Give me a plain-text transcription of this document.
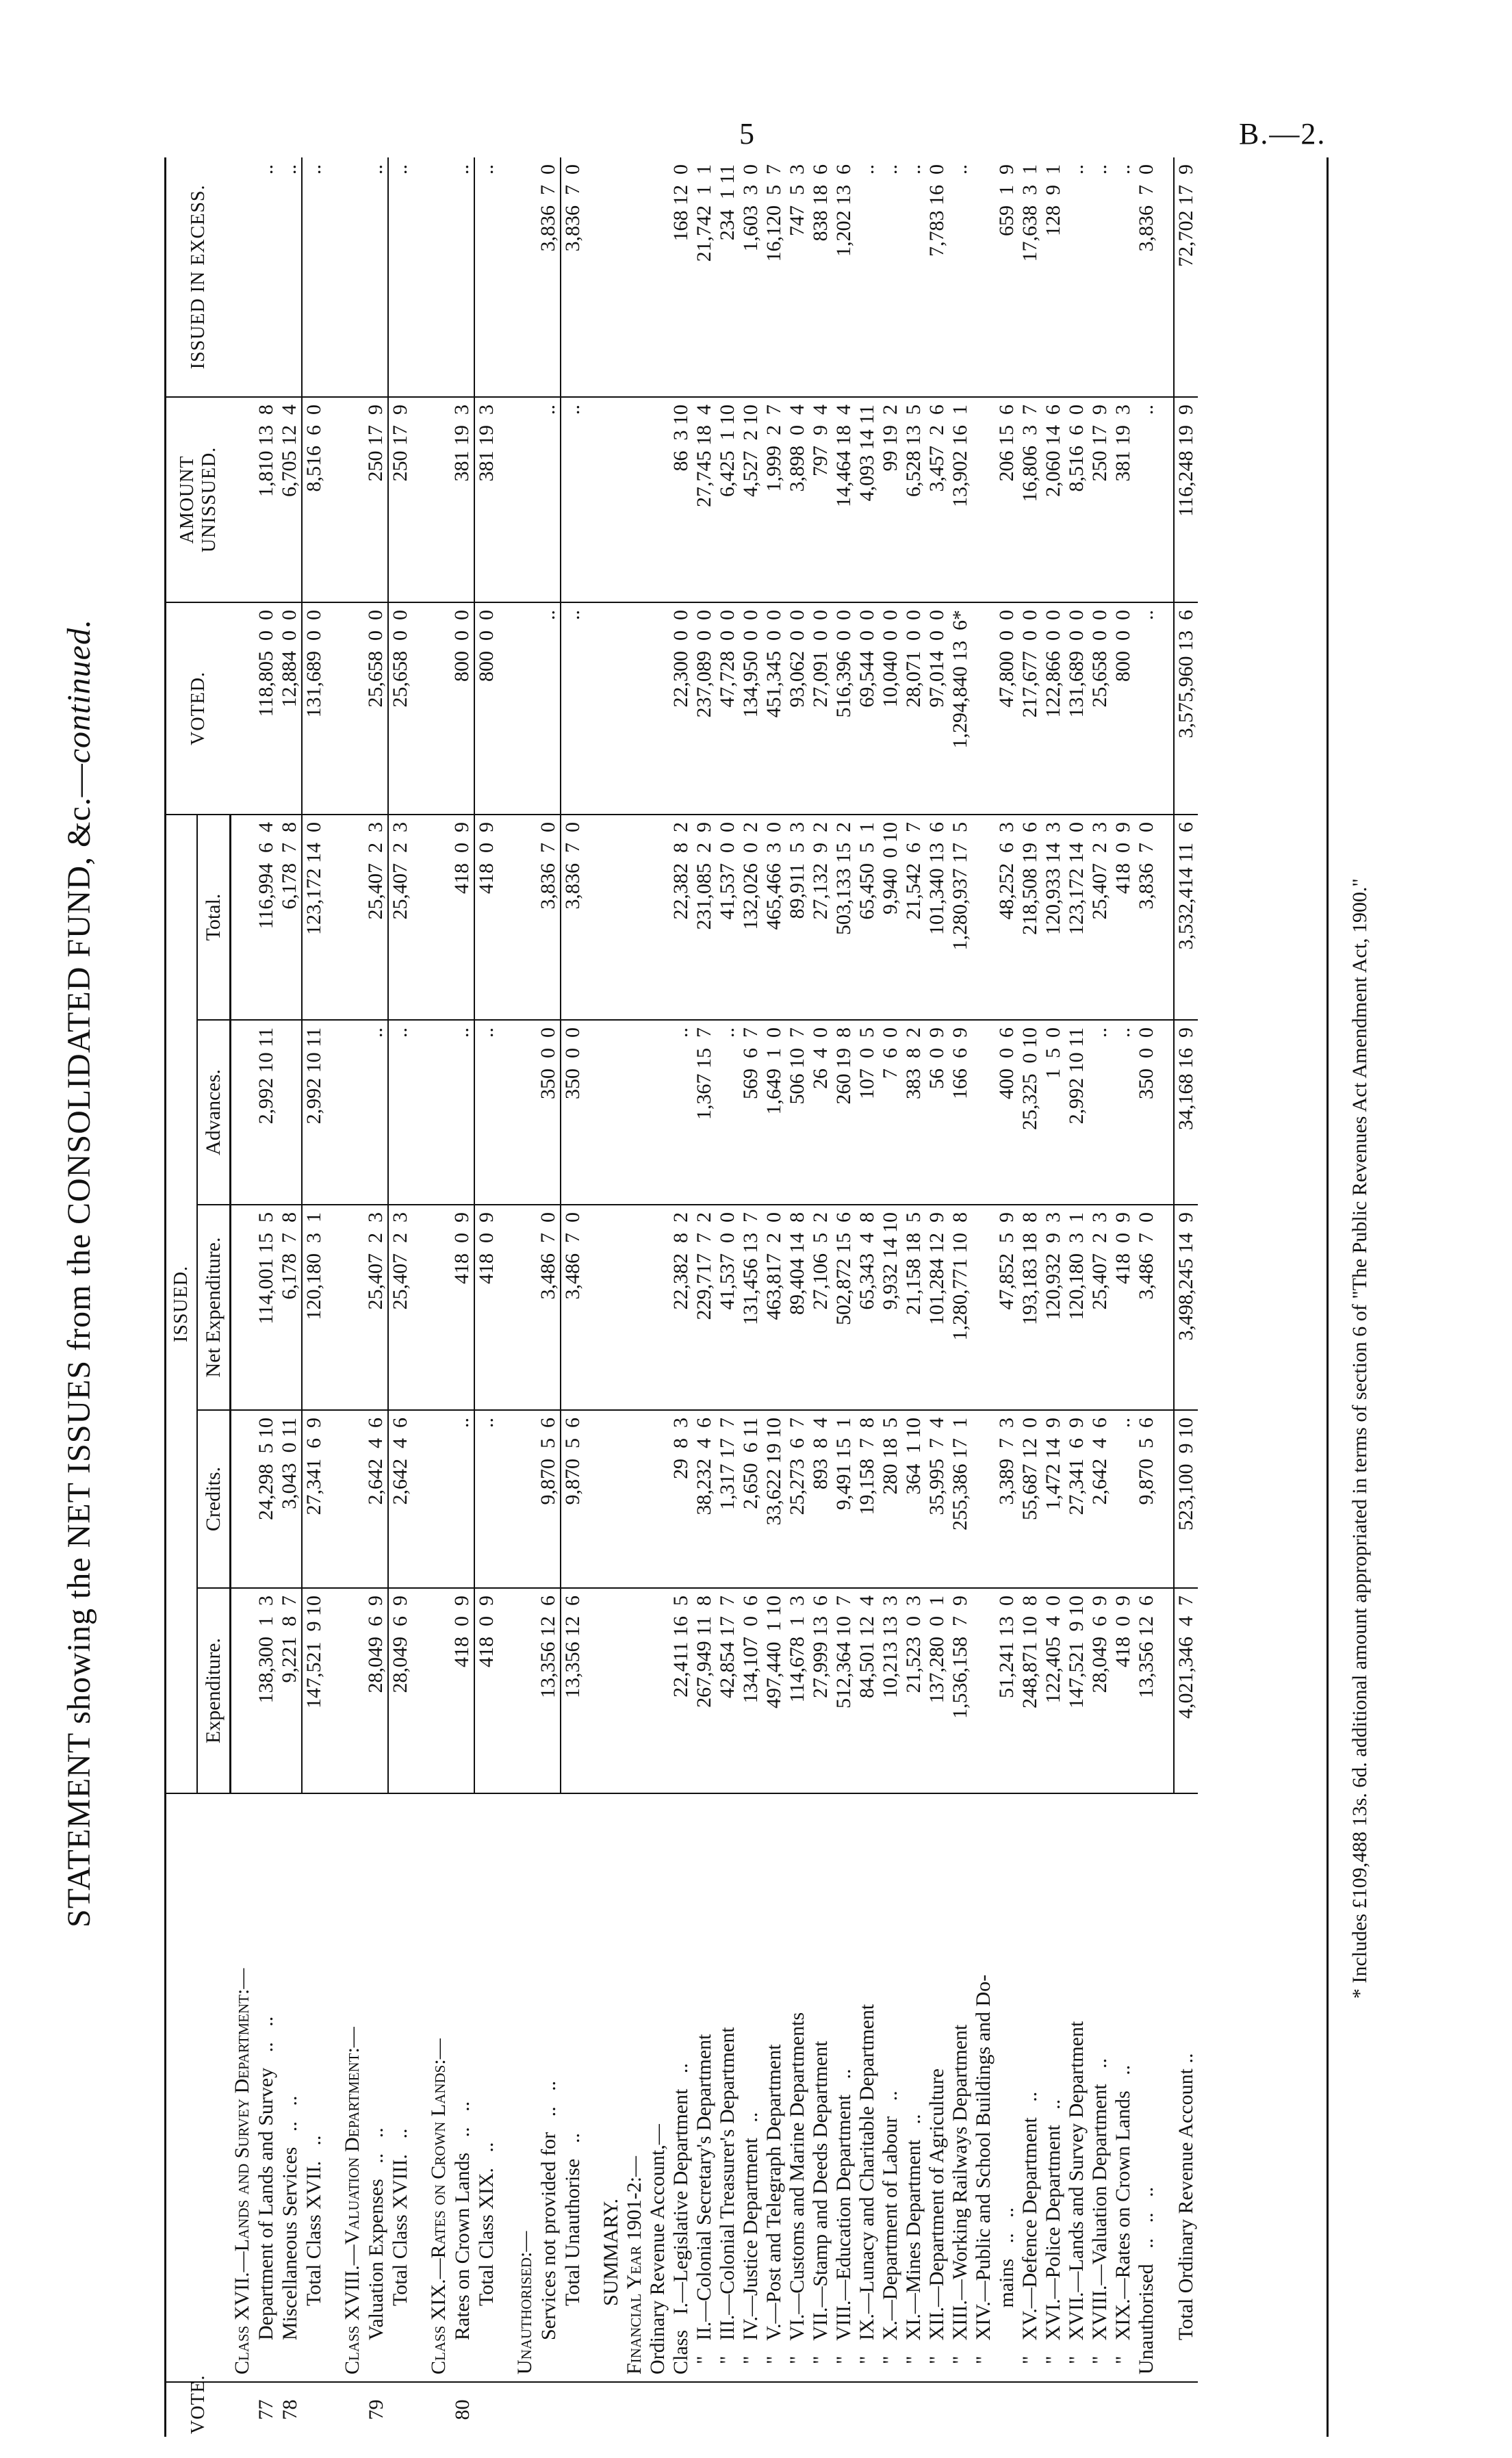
5	B.—2.
STATEMENT showing the NET ISSUES from the CONSOLIDATED FUND, &c.—continued.
VOTE.		ISSUED.					VOTED.	AMOUNT UNISSUED.	ISSUED IN EXCESS.
		Expenditure.	Credits.	Net Expenditure.	Advances.	Total.			
	Class XVII.—Lands and Survey Department:—								
77	Department of Lands and Survey   ..   ..	138,300  1  3	24,298  5 10	114,001 15  5	2,992 10 11	116,994  6  4	118,805  0  0	1,810 13  8	..
78	Miscellaneous Services   ..   ..	9,221  8  7	3,043  0 11	6,178  7  8		6,178  7  8	12,884  0  0	6,705 12  4	..
	Total Class XVII.   ..	147,521  9 10	27,341  6  9	120,180  3  1	2,992 10 11	123,172 14  0	131,689  0  0	8,516  6  0	..

	Class XVIII.—Valuation Department:—								
79	Valuation Expenses   ..   ..	28,049  6  9	2,642  4  6	25,407  2  3	..	25,407  2  3	25,658  0  0	250 17  9	..
	Total Class XVIII.   ..	28,049  6  9	2,642  4  6	25,407  2  3	..	25,407  2  3	25,658  0  0	250 17  9	..

	Class XIX.—Rates on Crown Lands:—								
80	Rates on Crown Lands   ..   ..	418  0  9	..	418  0  9	..	418  0  9	800  0  0	381 19  3	..
	Total Class XIX.   ..	418  0  9	..	418  0  9	..	418  0  9	800  0  0	381 19  3	..

	Unauthorised:—								
	Services not provided for   ..   ..	13,356 12  6	9,870  5  6	3,486  7  0	350  0  0	3,836  7  0	..	..	3,836  7  0
	Total Unauthorise   ..	13,356 12  6	9,870  5  6	3,486  7  0	350  0  0	3,836  7  0	..	..	3,836  7  0

	SUMMARY.								
	Financial Year 1901-2:—								
	Ordinary Revenue Account,—								
	Class   I.—Legislative Department   ..	22,411 16  5	29  8  3	22,382  8  2	..	22,382  8  2	22,300  0  0	86  3 10	168 12  0
	"   II.—Colonial Secretary's Department	267,949 11  8	38,232  4  6	229,717  7  2	1,367 15  7	231,085  2  9	237,089  0  0	27,745 18  4	21,742  1  1
	"   III.—Colonial Treasurer's Department	42,854 17  7	1,317 17  7	41,537  0  0	..	41,537  0  0	47,728  0  0	6,425  1 10	234  1 11
	"   IV.—Justice Department   ..	134,107  0  6	2,650  6 11	131,456 13  7	569  6  7	132,026  0  2	134,950  0  0	4,527  2 10	1,603  3  0
	"   V.—Post and Telegraph Department	497,440  1 10	33,622 19 10	463,817  2  0	1,649  1  0	465,466  3  0	451,345  0  0	1,999  2  7	16,120  5  7
	"   VI.—Customs and Marine Departments	114,678  1  3	25,273  6  7	89,404 14  8	506 10  7	89,911  5  3	93,062  0  0	3,898  0  4	747  5  3
	"   VII.—Stamp and Deeds Department	27,999 13  6	893  8  4	27,106  5  2	26  4  0	27,132  9  2	27,091  0  0	797  9  4	838 18  6
	"   VIII.—Education Department   ..	512,364 10  7	9,491 15  1	502,872 15  6	260 19  8	503,133 15  2	516,396  0  0	14,464 18  4	1,202 13  6
	"   IX.—Lunacy and Charitable Department	84,501 12  4	19,158  7  8	65,343  4  8	107  0  5	65,450  5  1	69,544  0  0	4,093 14 11	..
	"   X.—Department of Labour   ..	10,213 13  3	280 18  5	9,932 14 10	7  6  0	9,940  0 10	10,040  0  0	99 19  2	..
	"   XI.—Mines Department   ..	21,523  0  3	364  1 10	21,158 18  5	383  8  2	21,542  6  7	28,071  0  0	6,528 13  5	..
	"   XII.—Department of Agriculture	137,280  0  1	35,995  7  4	101,284 12  9	56  0  9	101,340 13  6	97,014  0  0	3,457  2  6	7,783 16  0
	"   XIII.—Working Railways Department	1,536,158  7  9	255,386 17  1	1,280,771 10  8	166  6  9	1,280,937 17  5	1,294,840 13  6*	13,902 16  1	..
	"   XIV.—Public and School Buildings and Do-								
	mains   ..   ..	51,241 13  0	3,389  7  3	47,852  5  9	400  0  6	48,252  6  3	47,800  0  0	206 15  6	659  1  9
	"   XV.—Defence Department   ..	248,871 10  8	55,687 12  0	193,183 18  8	25,325  0 10	218,508 19  6	217,677  0  0	16,806  3  7	17,638  3  1
	"   XVI.—Police Department   ..	122,405  4  0	1,472 14  9	120,932  9  3	1  5  0	120,933 14  3	122,866  0  0	2,060 14  6	128  9  1
	"   XVII.—Lands and Survey Department	147,521  9 10	27,341  6  9	120,180  3  1	2,992 10 11	123,172 14  0	131,689  0  0	8,516  6  0	..
	"   XVIII.—Valuation Department   ..	28,049  6  9	2,642  4  6	25,407  2  3	..	25,407  2  3	25,658  0  0	250 17  9	..
	"   XIX.—Rates on Crown Lands   ..	418  0  9	..	418  0  9	..	418  0  9	800  0  0	381 19  3	..
	Unauthorised   ..   ..   ..	13,356 12  6	9,870  5  6	3,486  7  0	350  0  0	3,836  7  0	..	..	3,836  7  0

	Total Ordinary Revenue Account ..	4,021,346  4  7	523,100  9 10	3,498,245 14  9	34,168 16  9	3,532,414 11  6	3,575,960 13  6	116,248 19  9	72,702 17  9
* Includes £109,488 13s. 6d. additional amount appropriated in terms of section 6 of "The Public Revenues Act Amendment Act, 1900."
